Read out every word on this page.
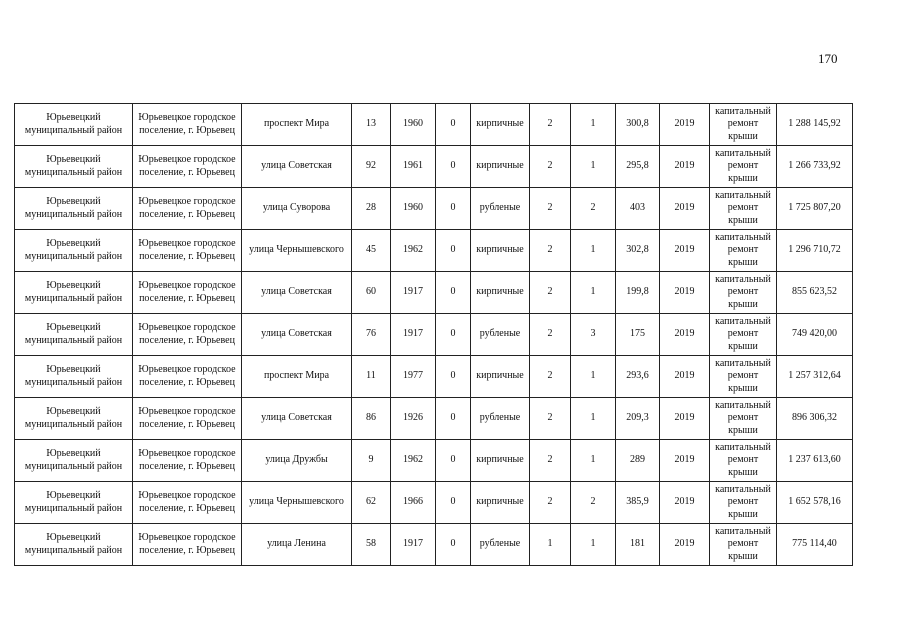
170
Юрьевецкий муниципальный район	Юрьевецкое городское поселение, г. Юрьевец	проспект Мира	13	1960	0	кирпичные	2	1	300,8	2019	капитальный ремонт крыши	1 288 145,92
Юрьевецкий муниципальный район	Юрьевецкое городское поселение, г. Юрьевец	улица Советская	92	1961	0	кирпичные	2	1	295,8	2019	капитальный ремонт крыши	1 266 733,92
Юрьевецкий муниципальный район	Юрьевецкое городское поселение, г. Юрьевец	улица Суворова	28	1960	0	рубленые	2	2	403	2019	капитальный ремонт крыши	1 725 807,20
Юрьевецкий муниципальный район	Юрьевецкое городское поселение, г. Юрьевец	улица Чернышевского	45	1962	0	кирпичные	2	1	302,8	2019	капитальный ремонт крыши	1 296 710,72
Юрьевецкий муниципальный район	Юрьевецкое городское поселение, г. Юрьевец	улица Советская	60	1917	0	кирпичные	2	1	199,8	2019	капитальный ремонт крыши	855 623,52
Юрьевецкий муниципальный район	Юрьевецкое городское поселение, г. Юрьевец	улица Советская	76	1917	0	рубленые	2	3	175	2019	капитальный ремонт крыши	749 420,00
Юрьевецкий муниципальный район	Юрьевецкое городское поселение, г. Юрьевец	проспект Мира	11	1977	0	кирпичные	2	1	293,6	2019	капитальный ремонт крыши	1 257 312,64
Юрьевецкий муниципальный район	Юрьевецкое городское поселение, г. Юрьевец	улица Советская	86	1926	0	рубленые	2	1	209,3	2019	капитальный ремонт крыши	896 306,32
Юрьевецкий муниципальный район	Юрьевецкое городское поселение, г. Юрьевец	улица Дружбы	9	1962	0	кирпичные	2	1	289	2019	капитальный ремонт крыши	1 237 613,60
Юрьевецкий муниципальный район	Юрьевецкое городское поселение, г. Юрьевец	улица Чернышевского	62	1966	0	кирпичные	2	2	385,9	2019	капитальный ремонт крыши	1 652 578,16
Юрьевецкий муниципальный район	Юрьевецкое городское поселение, г. Юрьевец	улица Ленина	58	1917	0	рубленые	1	1	181	2019	капитальный ремонт крыши	775 114,40
